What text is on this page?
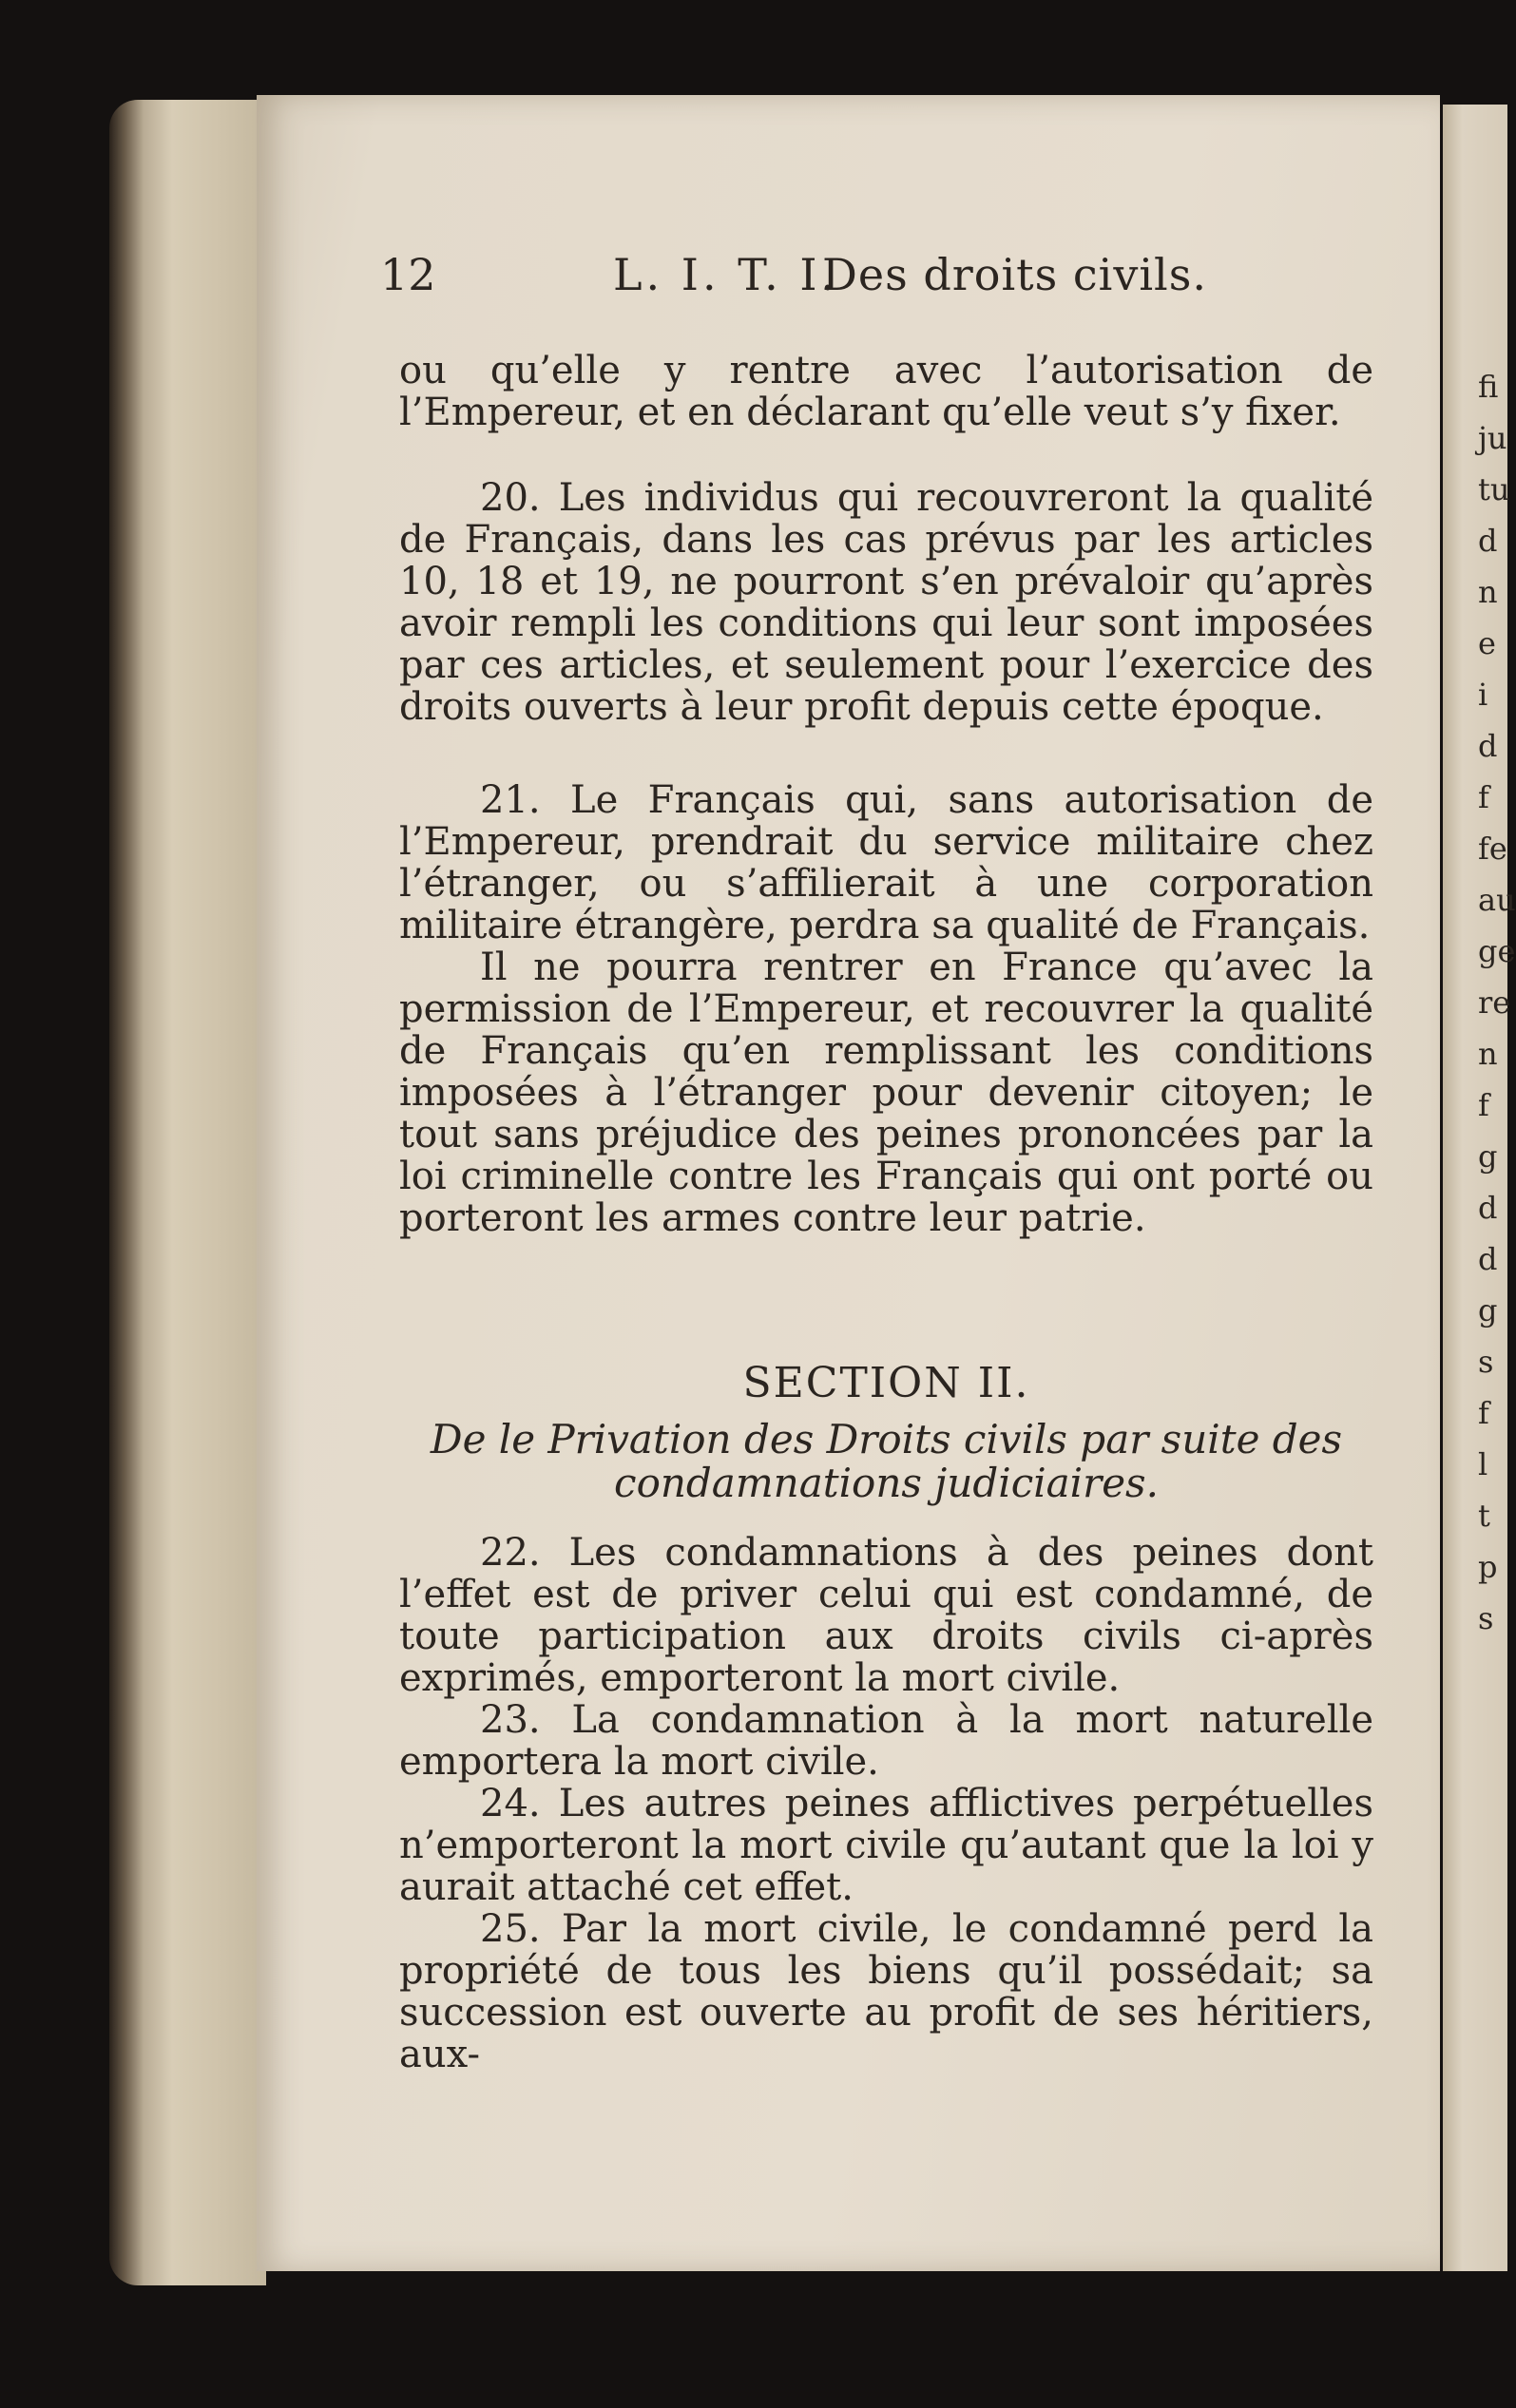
fi
ju
tu
d
n
e
i
d
f
fe
au
ge
re
n
f
g
d
d
g
s
f
l
t
p
s
12	L. I. T. I.
Des droits civils.

ou qu’elle y rentre avec l’autorisation de l’Empereur, et en déclarant qu’elle veut s’y fixer.

20. Les individus qui recouvreront la qualité de Français, dans les cas prévus par les articles 10, 18 et 19, ne pourront s’en prévaloir qu’après avoir rempli les conditions qui leur sont imposées par ces articles, et seulement pour l’exercice des droits ouverts à leur profit depuis cette époque.

21. Le Français qui, sans autorisation de l’Empereur, prendrait du service militaire chez l’étranger, ou s’affilierait à une corporation militaire étrangère, perdra sa qualité de Français.

Il ne pourra rentrer en France qu’avec la permission de l’Empereur, et recouvrer la qualité de Français qu’en remplissant les conditions imposées à l’étranger pour devenir citoyen; le tout sans préjudice des peines prononcées par la loi criminelle contre les Français qui ont porté ou porteront les armes contre leur patrie.

SECTION II.
De le Privation des Droits civils par suite des condamnations judiciaires.

22. Les condamnations à des peines dont l’effet est de priver celui qui est condamné, de toute participation aux droits civils ci-après exprimés, emporteront la mort civile.

23. La condamnation à la mort naturelle emportera la mort civile.

24. Les autres peines afflictives perpétuelles n’emporteront la mort civile qu’autant que la loi y aurait attaché cet effet.

25. Par la mort civile, le condamné perd la propriété de tous les biens qu’il possédait; sa succession est ouverte au profit de ses héritiers, aux-
